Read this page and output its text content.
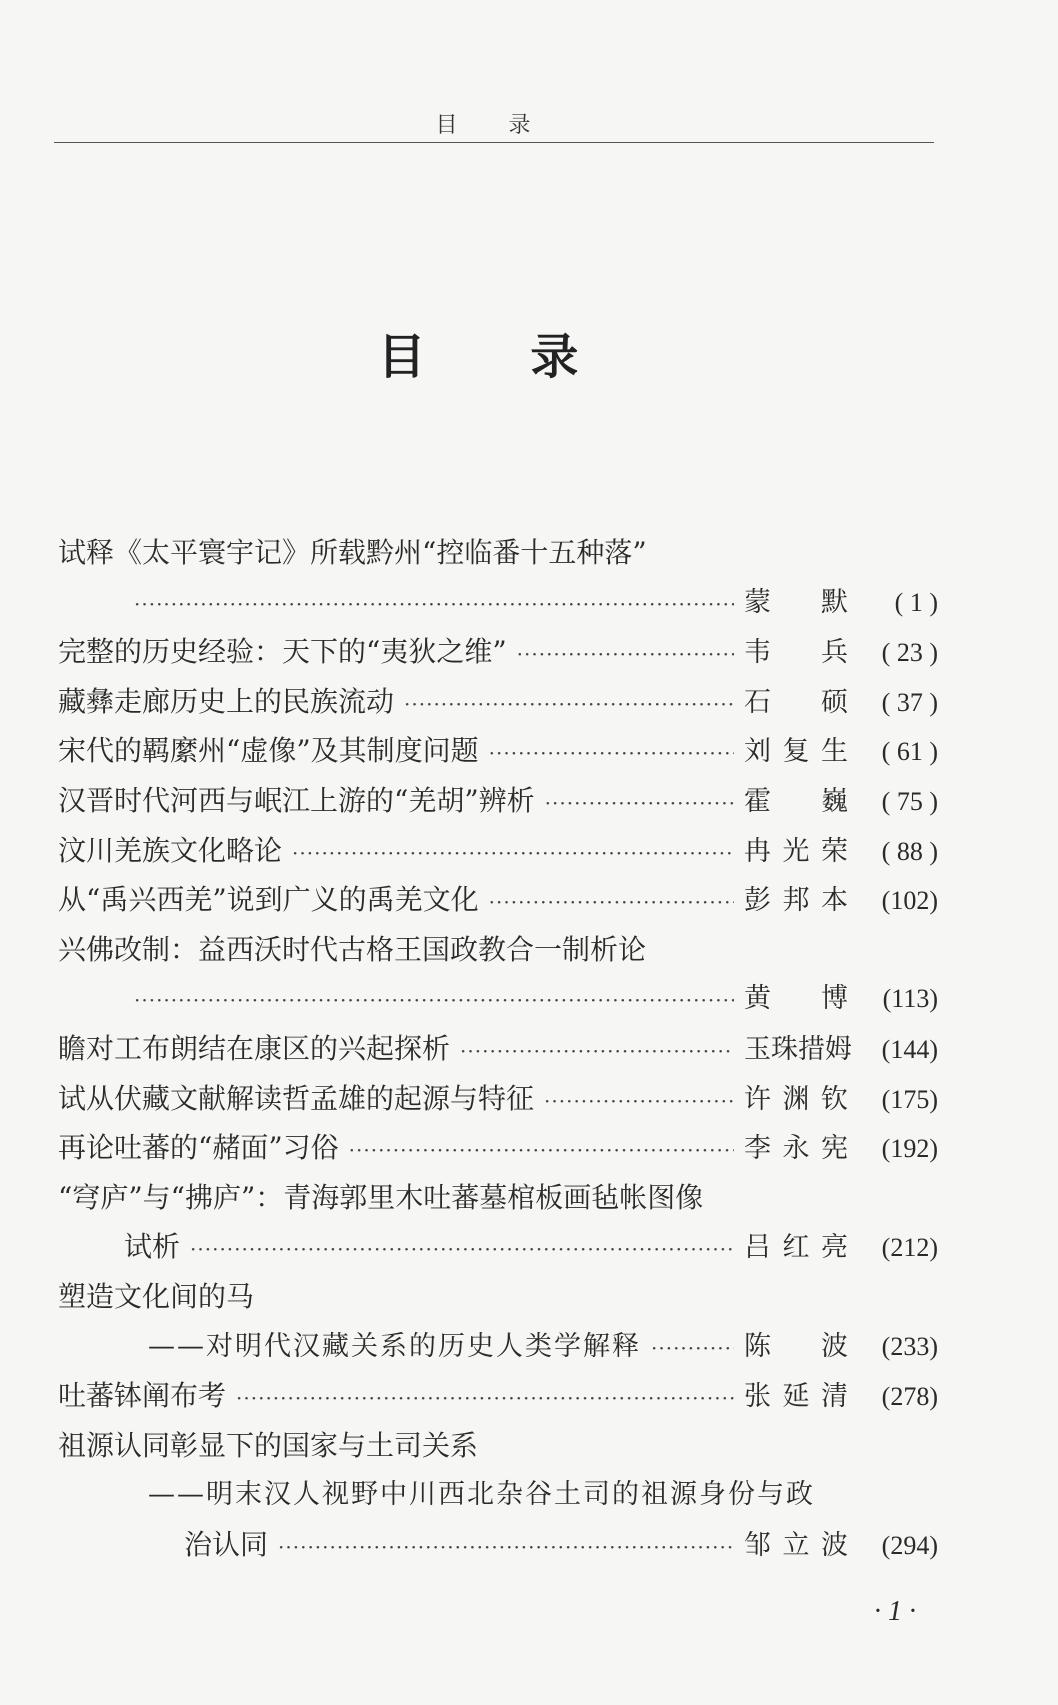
目 录
目 录
试释《太平寰宇记》所载黔州“控临番十五种落”
·····
蒙 默	( 1 )
完整的历史经验：天下的“夷狄之维” ·····	韦 兵	( 23 )
藏彝走廊历史上的民族流动 ·····	石 硕	( 37 )
宋代的羁縻州“虚像”及其制度问题 ·····	刘复生	( 61 )
汉晋时代河西与岷江上游的“羌胡”辨析 ·····	霍 巍	( 75 )
汶川羌族文化略论 ·····	冉光荣	( 88 )
从“禹兴西羌”说到广义的禹羌文化 ·····	彭邦本	(102)
兴佛改制：益西沃时代古格王国政教合一制析论
·····
黄 博	(113)
瞻对工布朗结在康区的兴起探析 ·····	玉珠措姆	(144)
试从伏藏文献解读哲孟雄的起源与特征 ·····	许渊钦	(175)
再论吐蕃的“赭面”习俗 ·····	李永宪	(192)
“穹庐”与“拂庐”：青海郭里木吐蕃墓棺板画毡帐图像
试析 ·····	吕红亮	(212)
塑造文化间的马
——对明代汉藏关系的历史人类学解释 ·····	陈 波	(233)
吐蕃钵阐布考 ·····	张延清	(278)
祖源认同彰显下的国家与土司关系
——明末汉人视野中川西北杂谷土司的祖源身份与政
治认同 ·····	邹立波	(294)
· 1 ·
